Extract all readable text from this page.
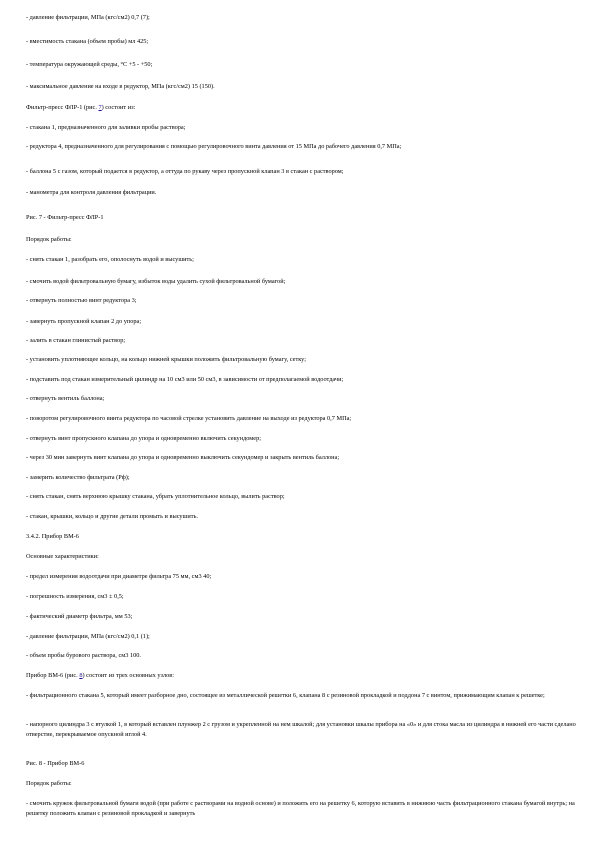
- давление фильтрации, МПа (кгс/см2) 0,7 (7);
- вместимость стакана (объем пробы) мл 425;
- температура окружающей среды, °С +5 - +50;
- максимальное давление на входе в редуктор, МПа (кгс/см2) 15 (150).
Фильтр-пресс ФЛР-1 (рис. 7) состоит из:
- стакана 1, предназначенного для заливки пробы раствора;
- редуктора 4, предназначенного для регулирования с помощью регулировочного винта давления от 15 МПа до рабочего давления 0,7 МПа;
- баллона 5 с газом, который подается в редуктор, а оттуда по рукаву через пропускной клапан 3 в стакан с раствором;
- манометра для контроля давления фильтрации.
Рис. 7 - Фильтр-пресс ФЛР-1
Порядок работы:
- снять стакан 1, разобрать его, ополоснуть водой и высушить;
- смочить водой фильтровальную бумагу, избыток воды удалить сухой фильтровальной бумагой;
- отвернуть полностью винт редуктора 3;
- завернуть пропускной клапан 2 до упора;
- залить в стакан глинистый раствор;
- установить уплотняющее кольцо, на кольцо нижней крышки положить фильтровальную бумагу, сетку;
- подставить под стакан измерительный цилиндр на 10 см3 или 50 см3, в зависимости от предполагаемой водоотдачи;
- отвернуть вентиль баллона;
- поворотом регулировочного винта редуктора по часовой стрелке установить давление на выходе из редуктора 0,7 МПа;
- отвернуть винт пропускного клапана до упора и одновременно включить секундомер;
- через 30 мин завернуть винт клапана до упора и одновременно выключить секундомер и закрыть вентиль баллона;
- замерить количество фильтрата (Рф);
- снять стакан, снять верхнюю крышку стакана, убрать уплотнительное кольцо, вылить раствор;
- стакан, крышки, кольцо и другие детали промыть и высушить.
3.4.2. Прибор ВМ-6
Основные характеристики:
- предел измерения водоотдачи при диаметре фильтра 75 мм, см3 40;
- погрешность измерения, см3 ± 0,5;
- фактический диаметр фильтра, мм 53;
- давление фильтрации, МПа (кгс/см2) 0,1 (1);
- объем пробы бурового раствора, см3 100.
Прибор ВМ-6 (рис. 8) состоит из трех основных узлов:
- фильтрационного стакана 5, который имеет разборное дно, состоящее из металлической решетки 6, клапана 8 с резиновой прокладкой и поддона 7 с винтом, прижимающим клапан к решетке;
- напорного цилиндра 3 с втулкой 1, в который вставлен плунжер 2 с грузом и укрепленной на нем шкалой; для установки шкалы прибора на «0» и для стока масла из цилиндра в нижней его части сделано отверстие, перекрываемое опускной иглой 4.
Рис. 8 - Прибор ВМ-6
Порядок работы:
- смочить кружок фильтровальной бумаги водой (при работе с растворами на водной основе) и положить его на решетку 6, которую вставить в нижнюю часть фильтрационного стакана бумагой внутрь; на решетку положить клапан с резиновой прокладкой и завернуть
